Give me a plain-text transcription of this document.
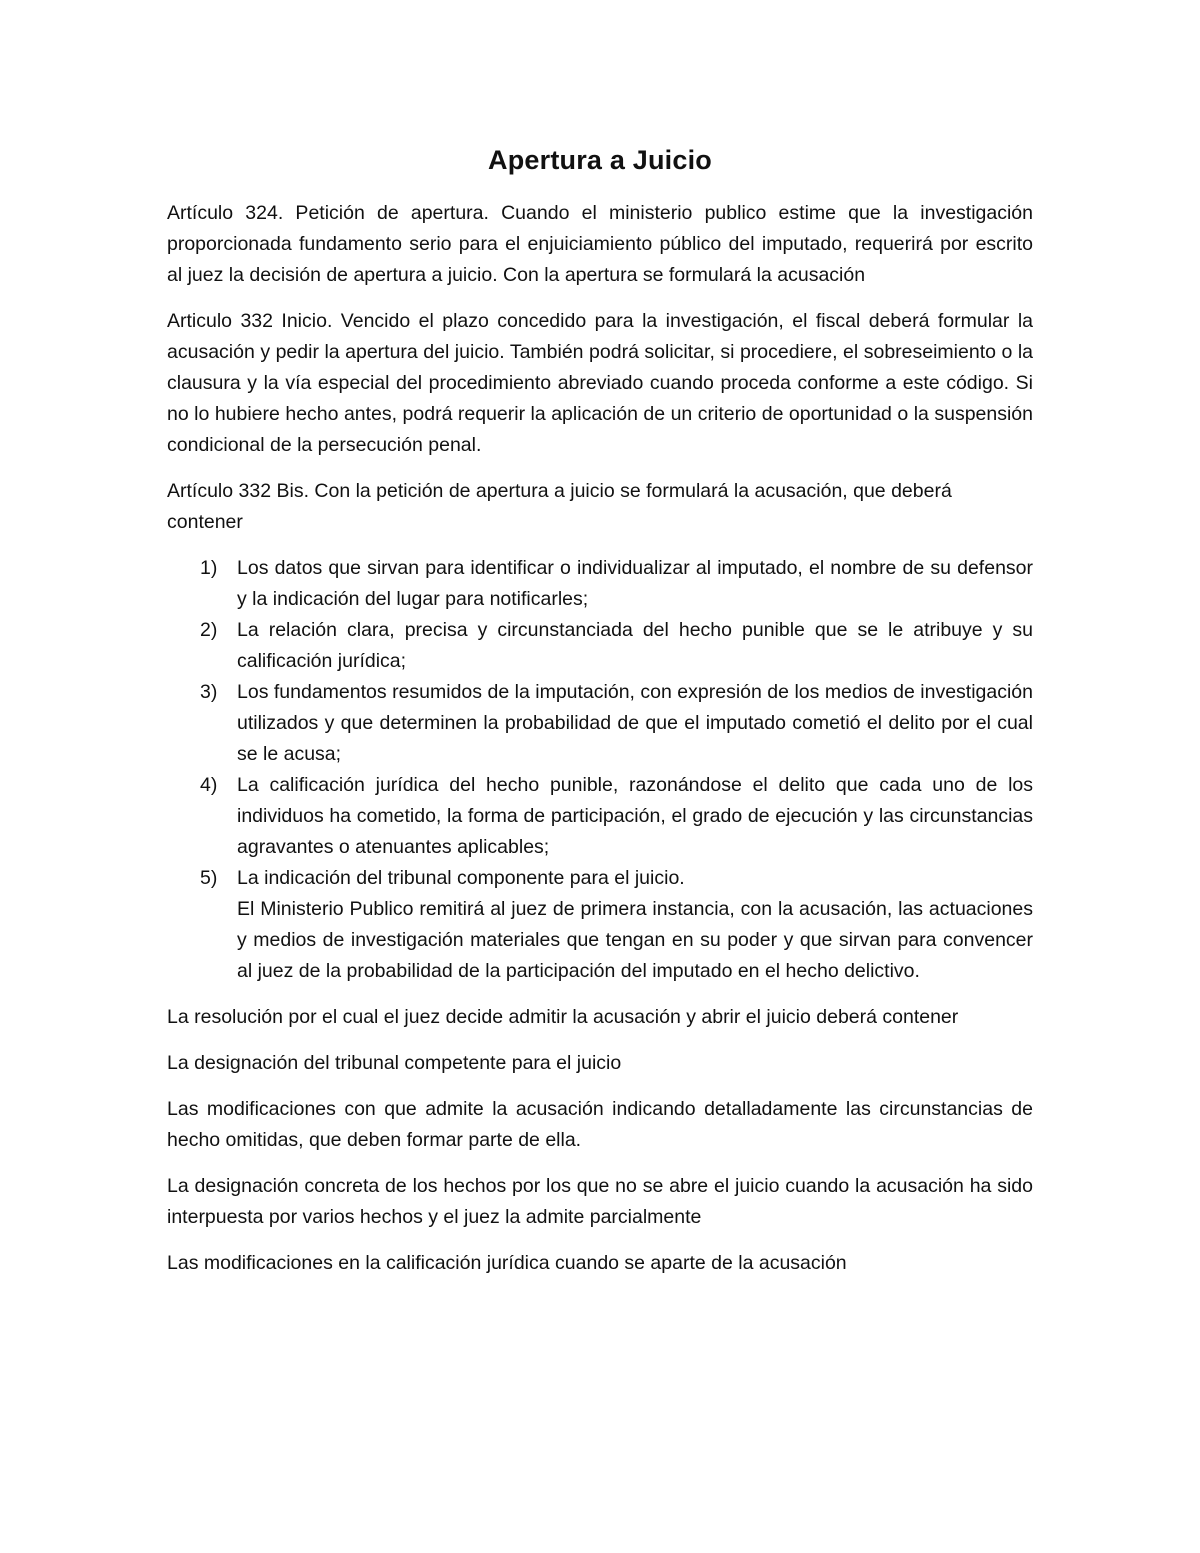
Apertura a Juicio

Artículo 324. Petición de apertura. Cuando el ministerio publico estime que la investigación proporcionada fundamento serio para el enjuiciamiento público del imputado, requerirá por escrito al juez la decisión de apertura a juicio. Con la apertura se formulará la acusación

Articulo 332 Inicio. Vencido el plazo concedido para la investigación, el fiscal deberá formular la acusación y pedir la apertura del juicio. También podrá solicitar, si procediere, el sobreseimiento o la clausura y la vía especial del procedimiento abreviado cuando proceda conforme a este código. Si no lo hubiere hecho antes, podrá requerir la aplicación de un criterio de oportunidad o la suspensión condicional de la persecución penal.

Artículo 332 Bis. Con la petición de apertura a juicio se formulará la acusación, que deberá contener

1) Los datos que sirvan para identificar o individualizar al imputado, el nombre de su defensor y la indicación del lugar para notificarles;
2) La relación clara, precisa y circunstanciada del hecho punible que se le atribuye y su calificación jurídica;
3) Los fundamentos resumidos de la imputación, con expresión de los medios de investigación utilizados y que determinen la probabilidad de que el imputado cometió el delito por el cual se le acusa;
4) La calificación jurídica del hecho punible, razonándose el delito que cada uno de los individuos ha cometido, la forma de participación, el grado de ejecución y las circunstancias agravantes o atenuantes aplicables;
5) La indicación del tribunal componente para el juicio.
El Ministerio Publico remitirá al juez de primera instancia, con la acusación, las actuaciones y medios de investigación materiales que tengan en su poder y que sirvan para convencer al juez de la probabilidad de la participación del imputado en el hecho delictivo.

La resolución por el cual el juez decide admitir la acusación y abrir el juicio deberá contener

La designación del tribunal competente para el juicio

Las modificaciones con que admite la acusación indicando detalladamente las circunstancias de hecho omitidas, que deben formar parte de ella.

La designación concreta de los hechos por los que no se abre el juicio cuando la acusación ha sido interpuesta por varios hechos y el juez la admite parcialmente

Las modificaciones en la calificación jurídica cuando se aparte de la acusación
